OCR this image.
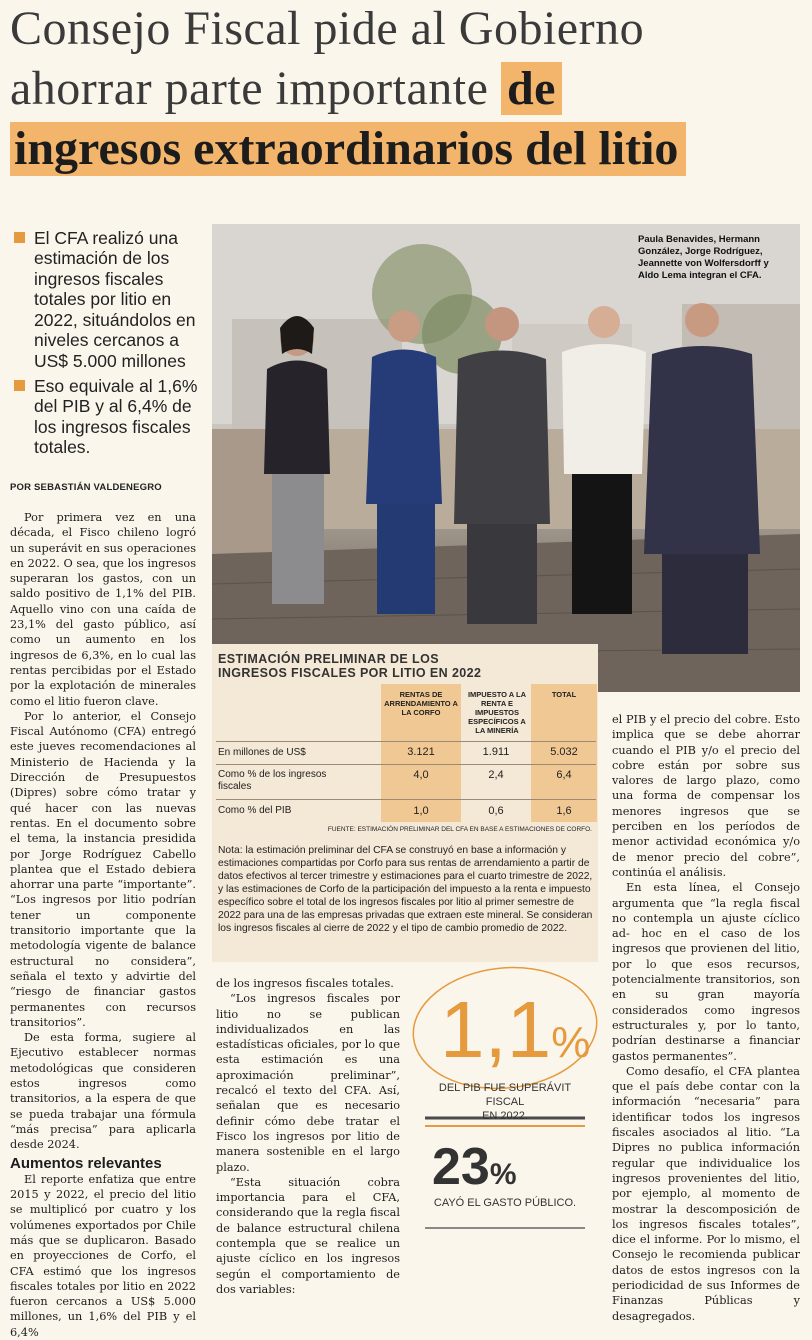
Consejo Fiscal pide al Gobierno
ahorrar parte importante de
ingresos extraordinarios del litio
El CFA realizó una estimación de los ingresos fiscales totales por litio en 2022, situándolos en niveles cercanos a US$ 5.000 millones
Eso equivale al 1,6% del PIB y al 6,4% de los ingresos fiscales totales.
POR SEBASTIÁN VALDENEGRO

Por primera vez en una década, el Fisco chileno logró un superávit en sus operaciones en 2022. O sea, que los ingresos superaran los gastos, con un saldo positivo de 1,1% del PIB. Aquello vino con una caída de 23,1% del gasto público, así como un aumento en los ingresos de 6,3%, en lo cual las rentas percibidas por el Estado por la explotación de minerales como el litio fueron clave.

Por lo anterior, el Consejo Fiscal Autónomo (CFA) entregó este jueves recomendaciones al Ministerio de Hacienda y la Dirección de Presupuestos (Dipres) sobre cómo tratar y qué hacer con las nuevas rentas. En el documento sobre el tema, la instancia presidida por Jorge Rodríguez Cabello plantea que el Estado debiera ahorrar una parte “importante”. “Los ingresos por litio podrían tener un componente transitorio importante que la metodología vigente de balance estructural no considera”, señala el texto y advirtie del “riesgo de financiar gastos permanentes con recursos transitorios”.

De esta forma, sugiere al Ejecutivo establecer normas metodológicas que consideren estos ingresos como transitorios, a la espera de que se pueda trabajar una fórmula “más precisa” para aplicarla desde 2024.

Aumentos relevantes

El reporte enfatiza que entre 2015 y 2022, el precio del litio se multiplicó por cuatro y los volúmenes exportados por Chile más que se duplicaron. Basado en proyecciones de Corfo, el CFA estimó que los ingresos fiscales totales por litio en 2022 fueron cercanos a US$ 5.000 millones, un 1,6% del PIB y el 6,4%

Paula Benavides, Hermann González, Jorge Rodríguez, Jeannette von Wolfersdorff y Aldo Lema integran el CFA.
ESTIMACIÓN PRELIMINAR DE LOS
INGRESOS FISCALES POR LITIO EN 2022
RENTAS DE ARRENDAMIENTO A LA CORFO
IMPUESTO A LA RENTA E IMPUESTOS ESPECÍFICOS A LA MINERÍA
TOTAL
En millones de US$	3.121	1.911	5.032
Como % de los ingresos fiscales
4,0	2,4	6,4
Como % del PIB	1,0	0,6	1,6
FUENTE: ESTIMACIÓN PRELIMINAR DEL CFA EN BASE A ESTIMACIONES DE CORFO.
Nota: la estimación preliminar del CFA se construyó en base a información y estimaciones compartidas por Corfo para sus rentas de arrendamiento a partir de datos efectivos al tercer trimestre y estimaciones para el cuarto trimestre de 2022, y las estimaciones de Corfo de la participación del impuesto a la renta e impuesto específico sobre el total de los ingresos fiscales por litio al primer semestre de 2022 para una de las empresas privadas que extraen este mineral. Se consideran los ingresos fiscales al cierre de 2022 y el tipo de cambio promedio de 2022.

de los ingresos fiscales totales.

“Los ingresos fiscales por litio no se publican individualizados en las estadísticas oficiales, por lo que esta estimación es una aproximación preliminar”, recalcó el texto del CFA. Así, señalan que es necesario definir cómo debe tratar el Fisco los ingresos por litio de manera sostenible en el largo plazo.

“Esta situación cobra importancia para el CFA, considerando que la regla fiscal de balance estructural chilena contempla que se realice un ajuste cíclico en los ingresos según el comportamiento de dos variables:

el PIB y el precio del cobre. Esto implica que se debe ahorrar cuando el PIB y/o el precio del cobre están por sobre sus valores de largo plazo, como una forma de compensar los menores ingresos que se perciben en los períodos de menor actividad económica y/o de menor precio del cobre”, continúa el análisis.

En esta línea, el Consejo argumenta que “la regla fiscal no contempla un ajuste cíclico ad- hoc en el caso de los ingresos que provienen del litio, por lo que esos recursos, potencialmente transitorios, son en su gran mayoría considerados como ingresos estructurales y, por lo tanto, podrían destinarse a financiar gastos permanentes”.

Como desafío, el CFA plantea que el país debe contar con la información “necesaria” para identificar todos los ingresos fiscales asociados al litio. “La Dipres no publica información regular que individualice los ingresos provenientes del litio, por ejemplo, al momento de mostrar la descomposición de los ingresos fiscales totales”, dice el informe. Por lo mismo, el Consejo le recomienda publicar datos de estos ingresos con la periodicidad de sus Informes de Finanzas Públicas y desagregados.

1,1%
DEL PIB FUE SUPERÁVIT FISCAL
EN 2022.
23%
CAYÓ EL GASTO PÚBLICO.
